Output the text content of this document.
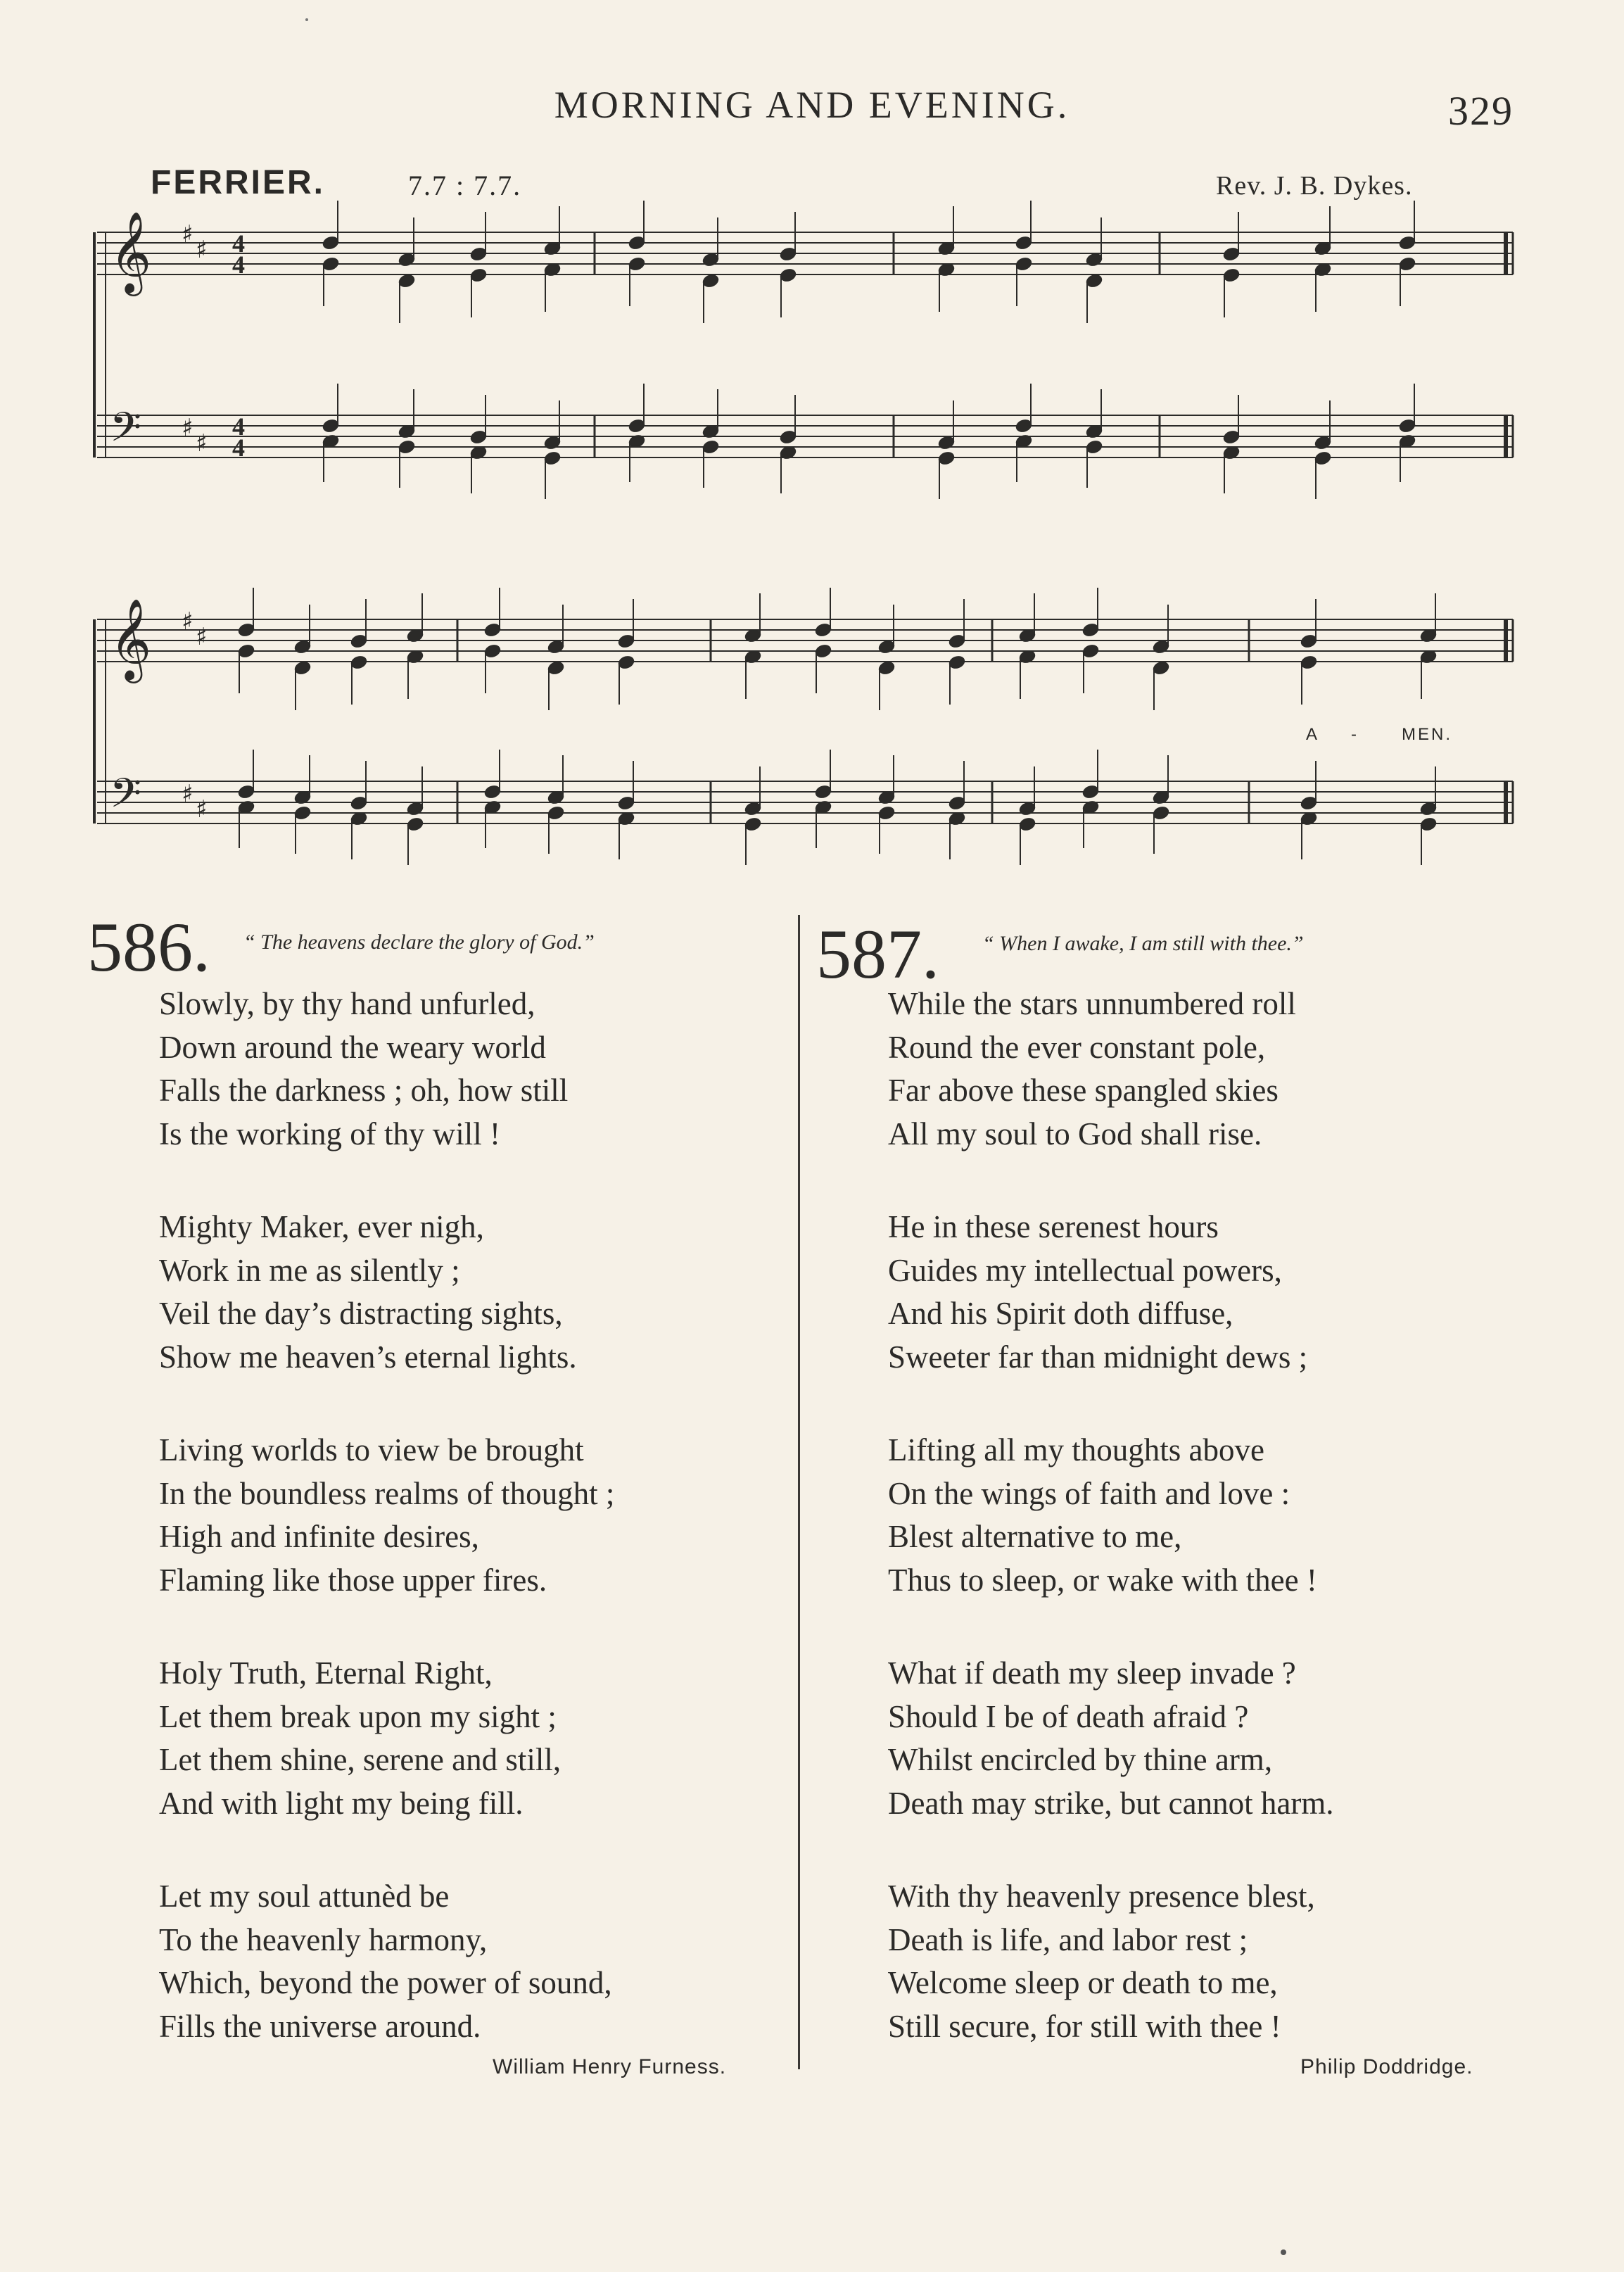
MORNING AND EVENING.	329
FERRIER.	7.7 : 7.7.	Rev. J. B. Dykes.
𝄞
𝄢
♯
♯
♯
♯
4
4
4
4
𝄞
𝄢
♯
♯
♯
♯
A -	MEN.
586. “ The heavens declare the glory of God.”
Slowly, by thy hand unfurled,
Down around the weary world
Falls the darkness ; oh, how still
Is the working of thy will !
Mighty Maker, ever nigh,
Work in me as silently ;
Veil the day’s distracting sights,
Show me heaven’s eternal lights.
Living worlds to view be brought
In the boundless realms of thought ;
High and infinite desires,
Flaming like those upper fires.
Holy Truth, Eternal Right,
Let them break upon my sight ;
Let them shine, serene and still,
And with light my being fill.
Let my soul attunèd be
To the heavenly harmony,
Which, beyond the power of sound,
Fills the universe around.
William Henry Furness.
587. “ When I awake, I am still with thee.”
While the stars unnumbered roll
Round the ever constant pole,
Far above these spangled skies
All my soul to God shall rise.
He in these serenest hours
Guides my intellectual powers,
And his Spirit doth diffuse,
Sweeter far than midnight dews ;
Lifting all my thoughts above
On the wings of faith and love :
Blest alternative to me,
Thus to sleep, or wake with thee !
What if death my sleep invade ?
Should I be of death afraid ?
Whilst encircled by thine arm,
Death may strike, but cannot harm.
With thy heavenly presence blest,
Death is life, and labor rest ;
Welcome sleep or death to me,
Still secure, for still with thee !
Philip Doddridge.
